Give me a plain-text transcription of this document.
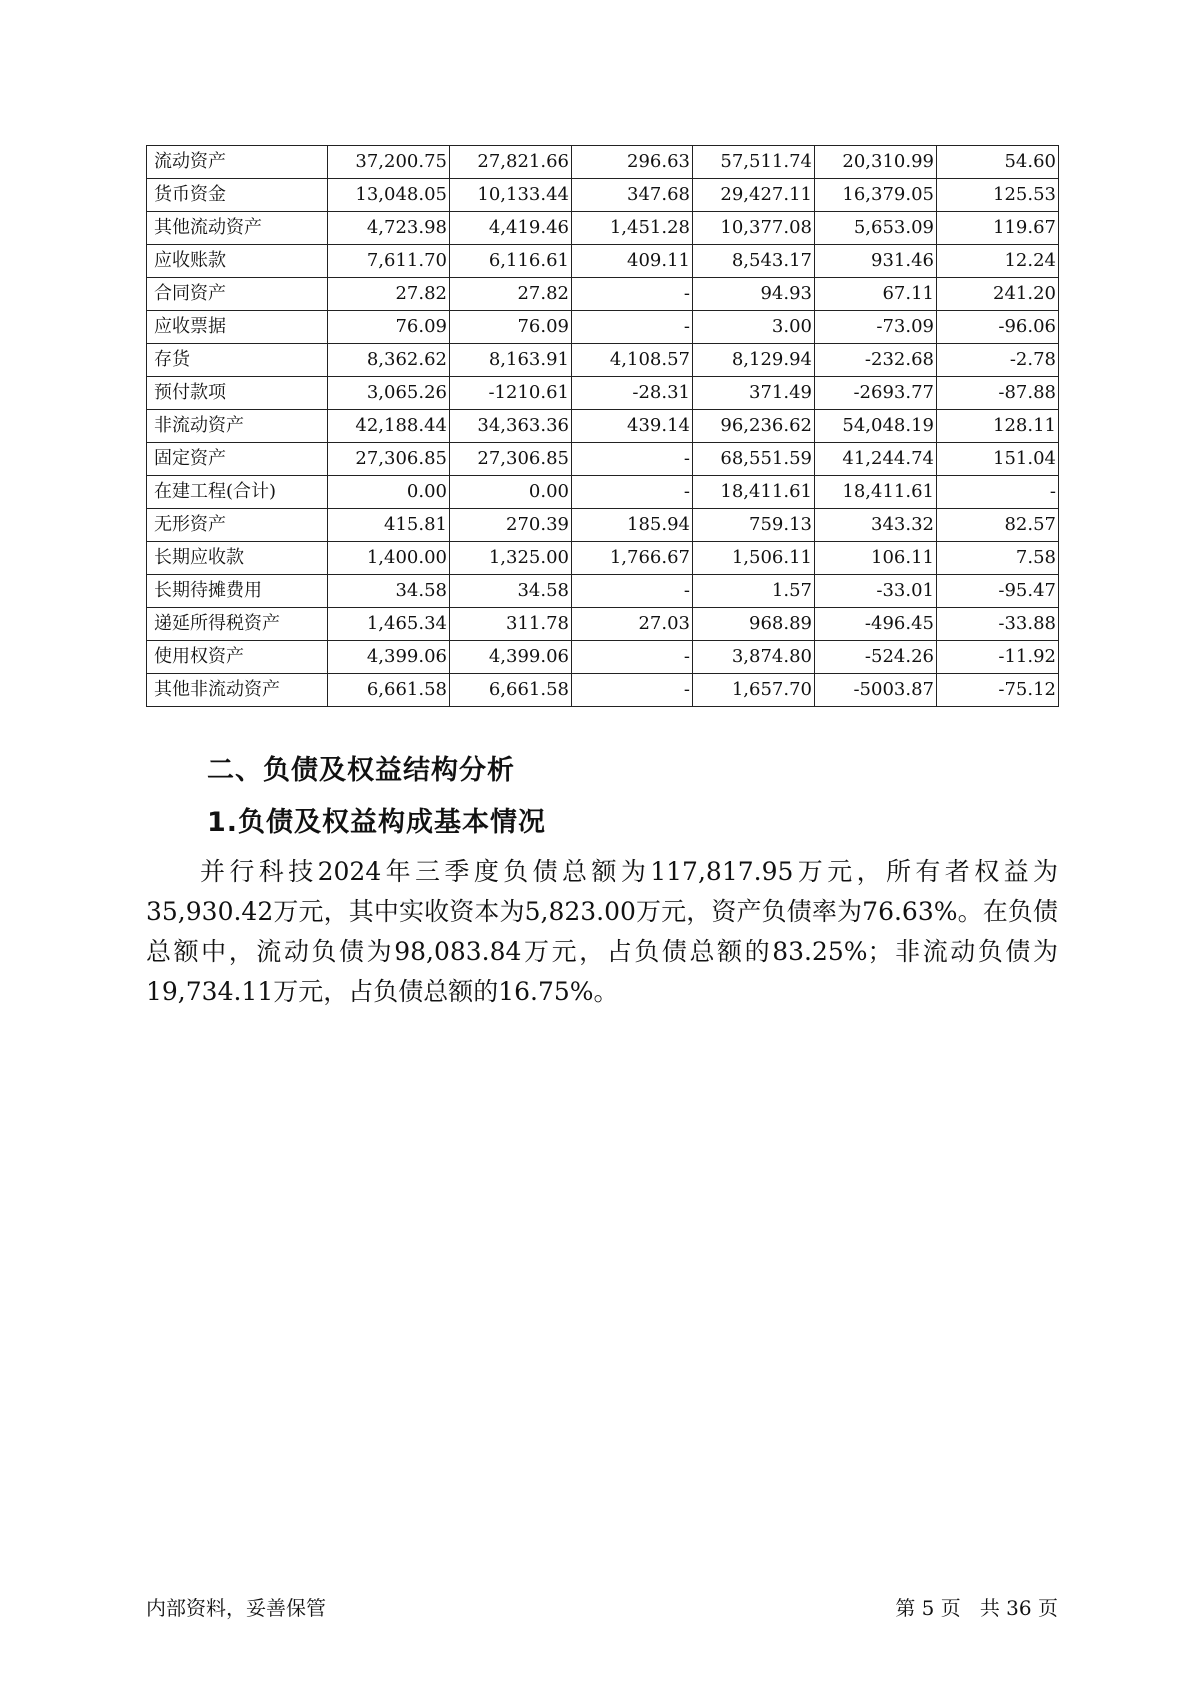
流动资产	37,200.75	27,821.66	296.63	57,511.74	20,310.99	54.60
货币资金	13,048.05	10,133.44	347.68	29,427.11	16,379.05	125.53
其他流动资产	4,723.98	4,419.46	1,451.28	10,377.08	5,653.09	119.67
应收账款	7,611.70	6,116.61	409.11	8,543.17	931.46	12.24
合同资产	27.82	27.82	-	94.93	67.11	241.20
应收票据	76.09	76.09	-	3.00	-73.09	-96.06
存货	8,362.62	8,163.91	4,108.57	8,129.94	-232.68	-2.78
预付款项	3,065.26	-1210.61	-28.31	371.49	-2693.77	-87.88
非流动资产	42,188.44	34,363.36	439.14	96,236.62	54,048.19	128.11
固定资产	27,306.85	27,306.85	-	68,551.59	41,244.74	151.04
在建工程(合计)	0.00	0.00	-	18,411.61	18,411.61	-
无形资产	415.81	270.39	185.94	759.13	343.32	82.57
长期应收款	1,400.00	1,325.00	1,766.67	1,506.11	106.11	7.58
长期待摊费用	34.58	34.58	-	1.57	-33.01	-95.47
递延所得税资产	1,465.34	311.78	27.03	968.89	-496.45	-33.88
使用权资产	4,399.06	4,399.06	-	3,874.80	-524.26	-11.92
其他非流动资产	6,661.58	6,661.58	-	1,657.70	-5003.87	-75.12
二、负债及权益结构分析
1.负债及权益构成基本情况

并行科技2024年三季度负债总额为117,817.95万元，所有者权益为35,930.42万元，其中实收资本为5,823.00万元，资产负债率为76.63%。在负债总额中，流动负债为98,083.84万元，占负债总额的83.25%；非流动负债为19,734.11万元，占负债总额的16.75%。

内部资料，妥善保管	第 5 页   共 36 页
